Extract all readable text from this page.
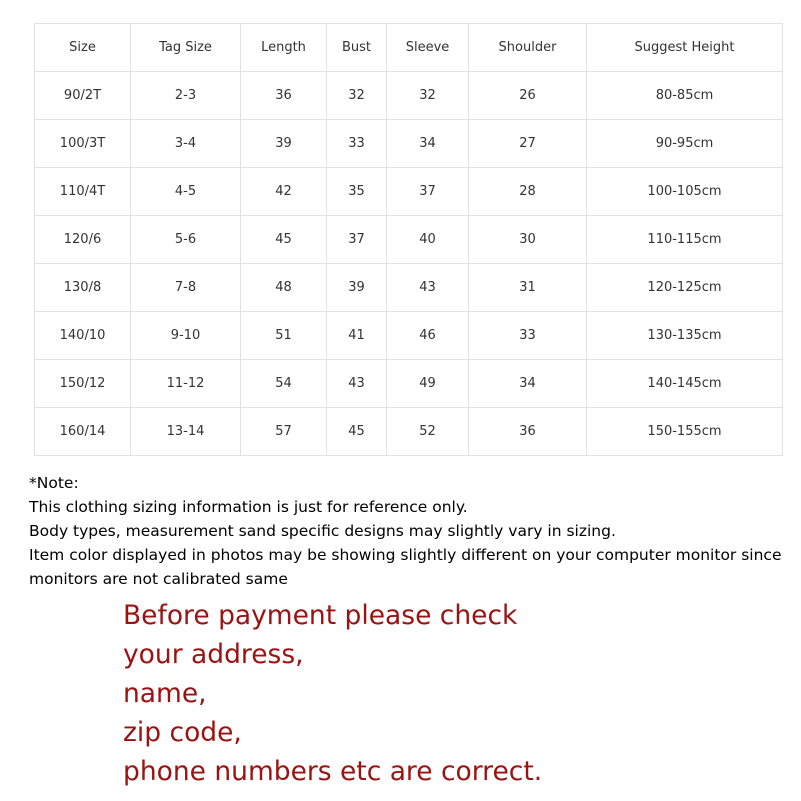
Size	Tag Size	Length	Bust	Sleeve	Shoulder	Suggest Height
90/2T	2-3	36	32	32	26	80-85cm
100/3T	3-4	39	33	34	27	90-95cm
110/4T	4-5	42	35	37	28	100-105cm
120/6	5-6	45	37	40	30	110-115cm
130/8	7-8	48	39	43	31	120-125cm
140/10	9-10	51	41	46	33	130-135cm
150/12	11-12	54	43	49	34	140-145cm
160/14	13-14	57	45	52	36	150-155cm
*Note:
This clothing sizing information is just for reference only.
Body types, measurement sand specific designs may slightly vary in sizing.
Item color displayed in photos may be showing slightly different on your computer monitor since monitors are not calibrated same
Before payment please check
your address,
name,
zip code,
phone numbers etc are correct.
